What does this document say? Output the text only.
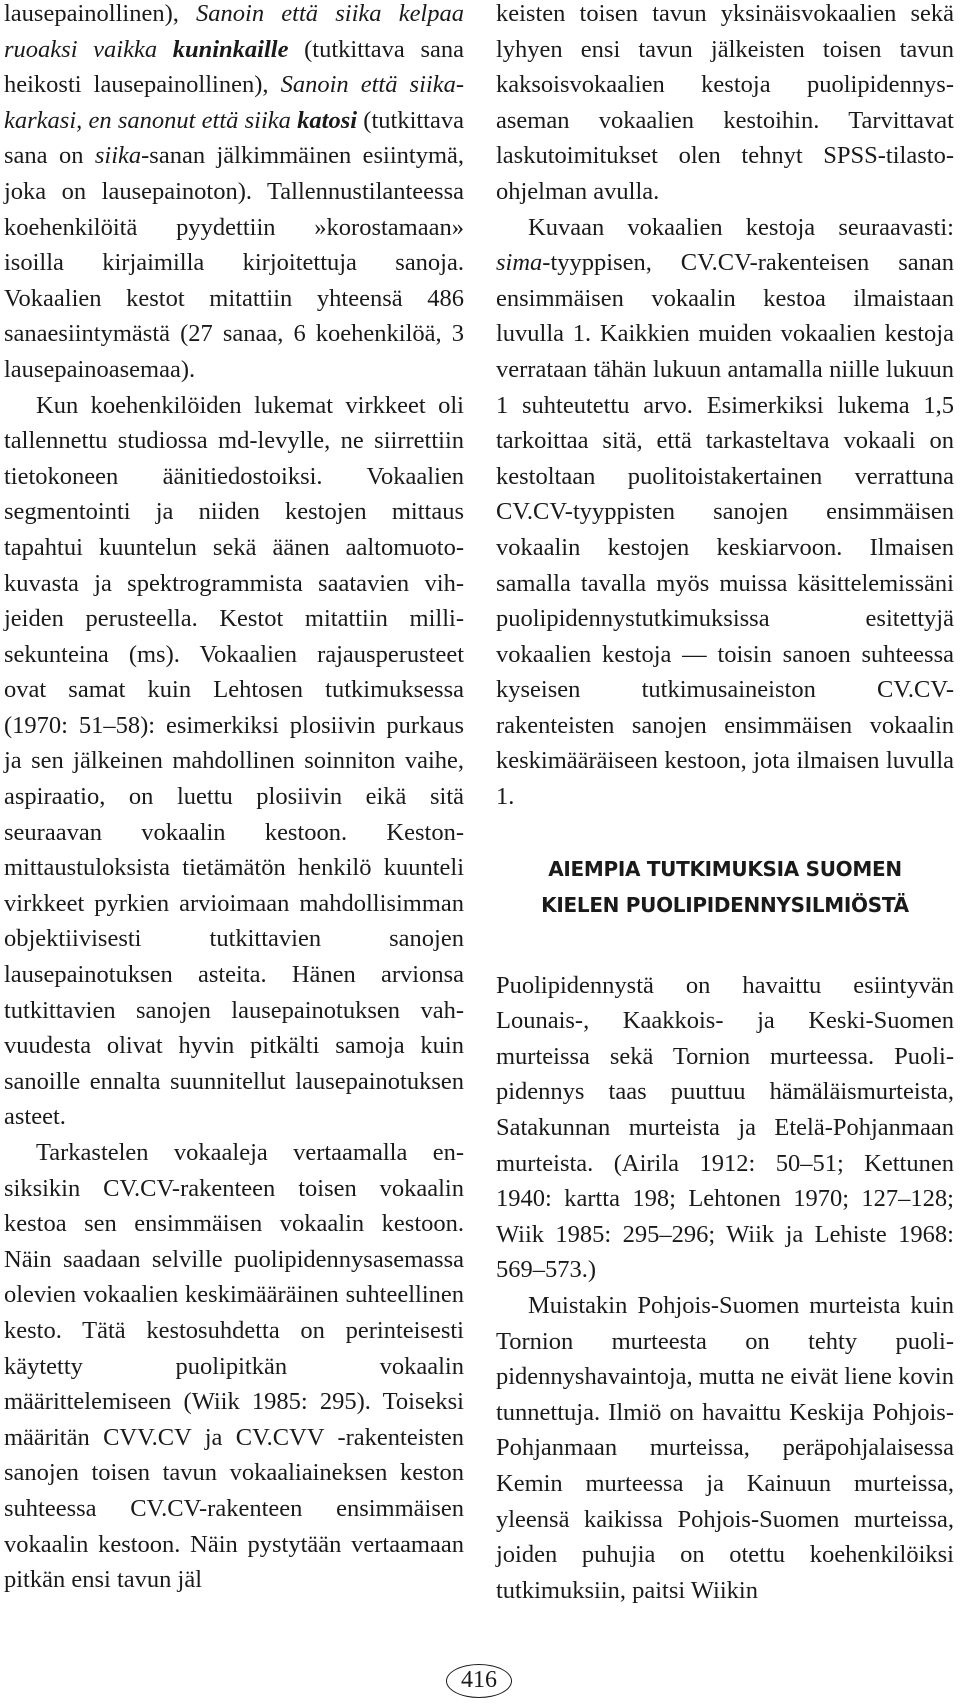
lausepainollinen), Sanoin että siika kelpaa ruoaksi vaikka kuninkaille (tutkittava sana heikosti lausepainollinen), Sanoin että siikakarkasi, en sanonut että siika katosi (tutkittava sana on siika-sanan jälkimmäinen esiintymä, joka on lausepainoton). Tallennustilanteessa koehenkilöitä pyydettiin »korostamaan» isoilla kirjaimilla kirjoitettuja sanoja. Vokaalien kestot mitattiin yhteensä 486 sanaesiintymästä (27 sanaa, 6 koehenkilöä, 3 lausepainoasemaa).

Kun koehenkilöiden lukemat virkkeet oli tallennettu studiossa md-levylle, ne siirrettiin tietokoneen äänitiedostoiksi. Vokaalien segmentointi ja niiden kestojen mittaus tapahtui kuuntelun sekä äänen aaltomuotokuvasta ja spektrogrammista saatavien vihjeiden perusteella. Kestot mitattiin millisekunteina (ms). Vokaalien rajausperusteet ovat samat kuin Lehtosen tutkimuksessa (1970: 51–58): esimerkiksi plosiivin purkaus ja sen jälkeinen mahdollinen soinniton vaihe, aspiraatio, on luettu plosiivin eikä sitä seuraavan vokaalin kestoon. Kestonmittaustuloksista tietämätön henkilö kuunteli virkkeet pyrkien arvioimaan mahdollisimman objektiivisesti tutkittavien sanojen lausepainotuksen asteita. Hänen arvionsa tutkittavien sanojen lausepainotuksen vahvuudesta olivat hyvin pitkälti samoja kuin sanoille ennalta suunnitellut lausepainotuksen asteet.

Tarkastelen vokaaleja vertaamalla ensiksikin CV.CV-rakenteen toisen vokaalin kestoa sen ensimmäisen vokaalin kestoon. Näin saadaan selville puolipidennysasemassa olevien vokaalien keskimääräinen suhteellinen kesto. Tätä kestosuhdetta on perinteisesti käytetty puolipitkän vokaalin määrittelemiseen (Wiik 1985: 295). Toiseksi määritän CVV.CV ja CV.CVV -rakenteisten sanojen toisen tavun vokaaliaineksen keston suhteessa CV.CV-rakenteen ensimmäisen vokaalin kestoon. Näin pystytään vertaamaan pitkän ensi tavun jäl

keisten toisen tavun yksinäisvokaalien sekä lyhyen ensi tavun jälkeisten toisen tavun kaksoisvokaalien kestoja puolipidennysaseman vokaalien kestoihin. Tarvittavat laskutoimitukset olen tehnyt SPSS-tilastoohjelman avulla.

Kuvaan vokaalien kestoja seuraavasti: sima-tyyppisen, CV.CV-rakenteisen sanan ensimmäisen vokaalin kestoa ilmaistaan luvulla 1. Kaikkien muiden vokaalien kestoja verrataan tähän lukuun antamalla niille lukuun 1 suhteutettu arvo. Esimerkiksi lukema 1,5 tarkoittaa sitä, että tarkasteltava vokaali on kestoltaan puolitoistakertainen verrattuna CV.CV-tyyppisten sanojen ensimmäisen vokaalin kestojen keskiarvoon. Ilmaisen samalla tavalla myös muissa käsittelemissäni puolipidennystutkimuksissa esitettyjä vokaalien kestoja — toisin sanoen suhteessa kyseisen tutkimusaineiston CV.CV-rakenteisten sanojen ensimmäisen vokaalin keskimääräiseen kestoon, jota ilmaisen luvulla 1.

AIEMPIA TUTKIMUKSIA SUOMEN
KIELEN PUOLIPIDENNYSILMIÖSTÄ

Puolipidennystä on havaittu esiintyvän Lounais-, Kaakkois- ja Keski-Suomen murteissa sekä Tornion murteessa. Puolipidennys taas puuttuu hämäläismurteista, Satakunnan murteista ja Etelä-Pohjanmaan murteista. (Airila 1912: 50–51; Kettunen 1940: kartta 198; Lehtonen 1970; 127–128; Wiik 1985: 295–296; Wiik ja Lehiste 1968: 569–573.)

Muistakin Pohjois-Suomen murteista kuin Tornion murteesta on tehty puolipidennyshavaintoja, mutta ne eivät liene kovin tunnettuja. Ilmiö on havaittu Keskija Pohjois-Pohjanmaan murteissa, peräpohjalaisessa Kemin murteessa ja Kainuun murteissa, yleensä kaikissa Pohjois-Suomen murteissa, joiden puhujia on otettu koehenkilöiksi tutkimuksiin, paitsi Wiikin

416
